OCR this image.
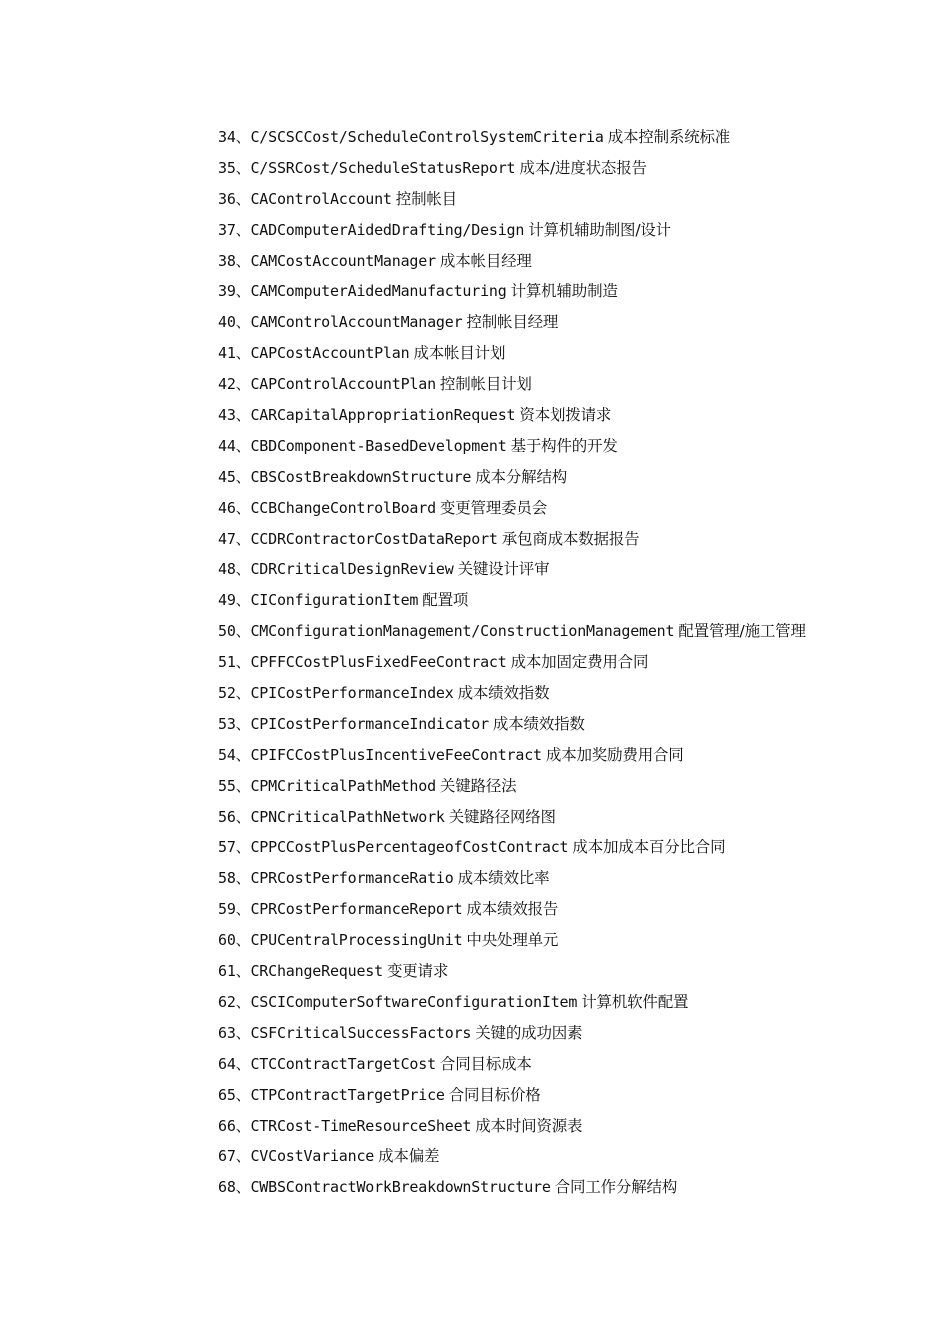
34、C/SCSCCost/ScheduleControlSystemCriteria 成本控制系统标准
35、C/SSRCost/ScheduleStatusReport 成本/进度状态报告
36、CAControlAccount 控制帐目
37、CADComputerAidedDrafting/Design 计算机辅助制图/设计
38、CAMCostAccountManager 成本帐目经理
39、CAMComputerAidedManufacturing 计算机辅助制造
40、CAMControlAccountManager 控制帐目经理
41、CAPCostAccountPlan 成本帐目计划
42、CAPControlAccountPlan 控制帐目计划
43、CARCapitalAppropriationRequest 资本划拨请求
44、CBDComponent-BasedDevelopment 基于构件的开发
45、CBSCostBreakdownStructure 成本分解结构
46、CCBChangeControlBoard 变更管理委员会
47、CCDRContractorCostDataReport 承包商成本数据报告
48、CDRCriticalDesignReview 关键设计评审
49、CIConfigurationItem 配置项
50、CMConfigurationManagement/ConstructionManagement 配置管理/施工管理
51、CPFFCCostPlusFixedFeeContract 成本加固定费用合同
52、CPICostPerformanceIndex 成本绩效指数
53、CPICostPerformanceIndicator 成本绩效指数
54、CPIFCCostPlusIncentiveFeeContract 成本加奖励费用合同
55、CPMCriticalPathMethod 关键路径法
56、CPNCriticalPathNetwork 关键路径网络图
57、CPPCCostPlusPercentageofCostContract 成本加成本百分比合同
58、CPRCostPerformanceRatio 成本绩效比率
59、CPRCostPerformanceReport 成本绩效报告
60、CPUCentralProcessingUnit 中央处理单元
61、CRChangeRequest 变更请求
62、CSCIComputerSoftwareConfigurationItem 计算机软件配置
63、CSFCriticalSuccessFactors 关键的成功因素
64、CTCContractTargetCost 合同目标成本
65、CTPContractTargetPrice 合同目标价格
66、CTRCost-TimeResourceSheet 成本时间资源表
67、CVCostVariance 成本偏差
68、CWBSContractWorkBreakdownStructure 合同工作分解结构
